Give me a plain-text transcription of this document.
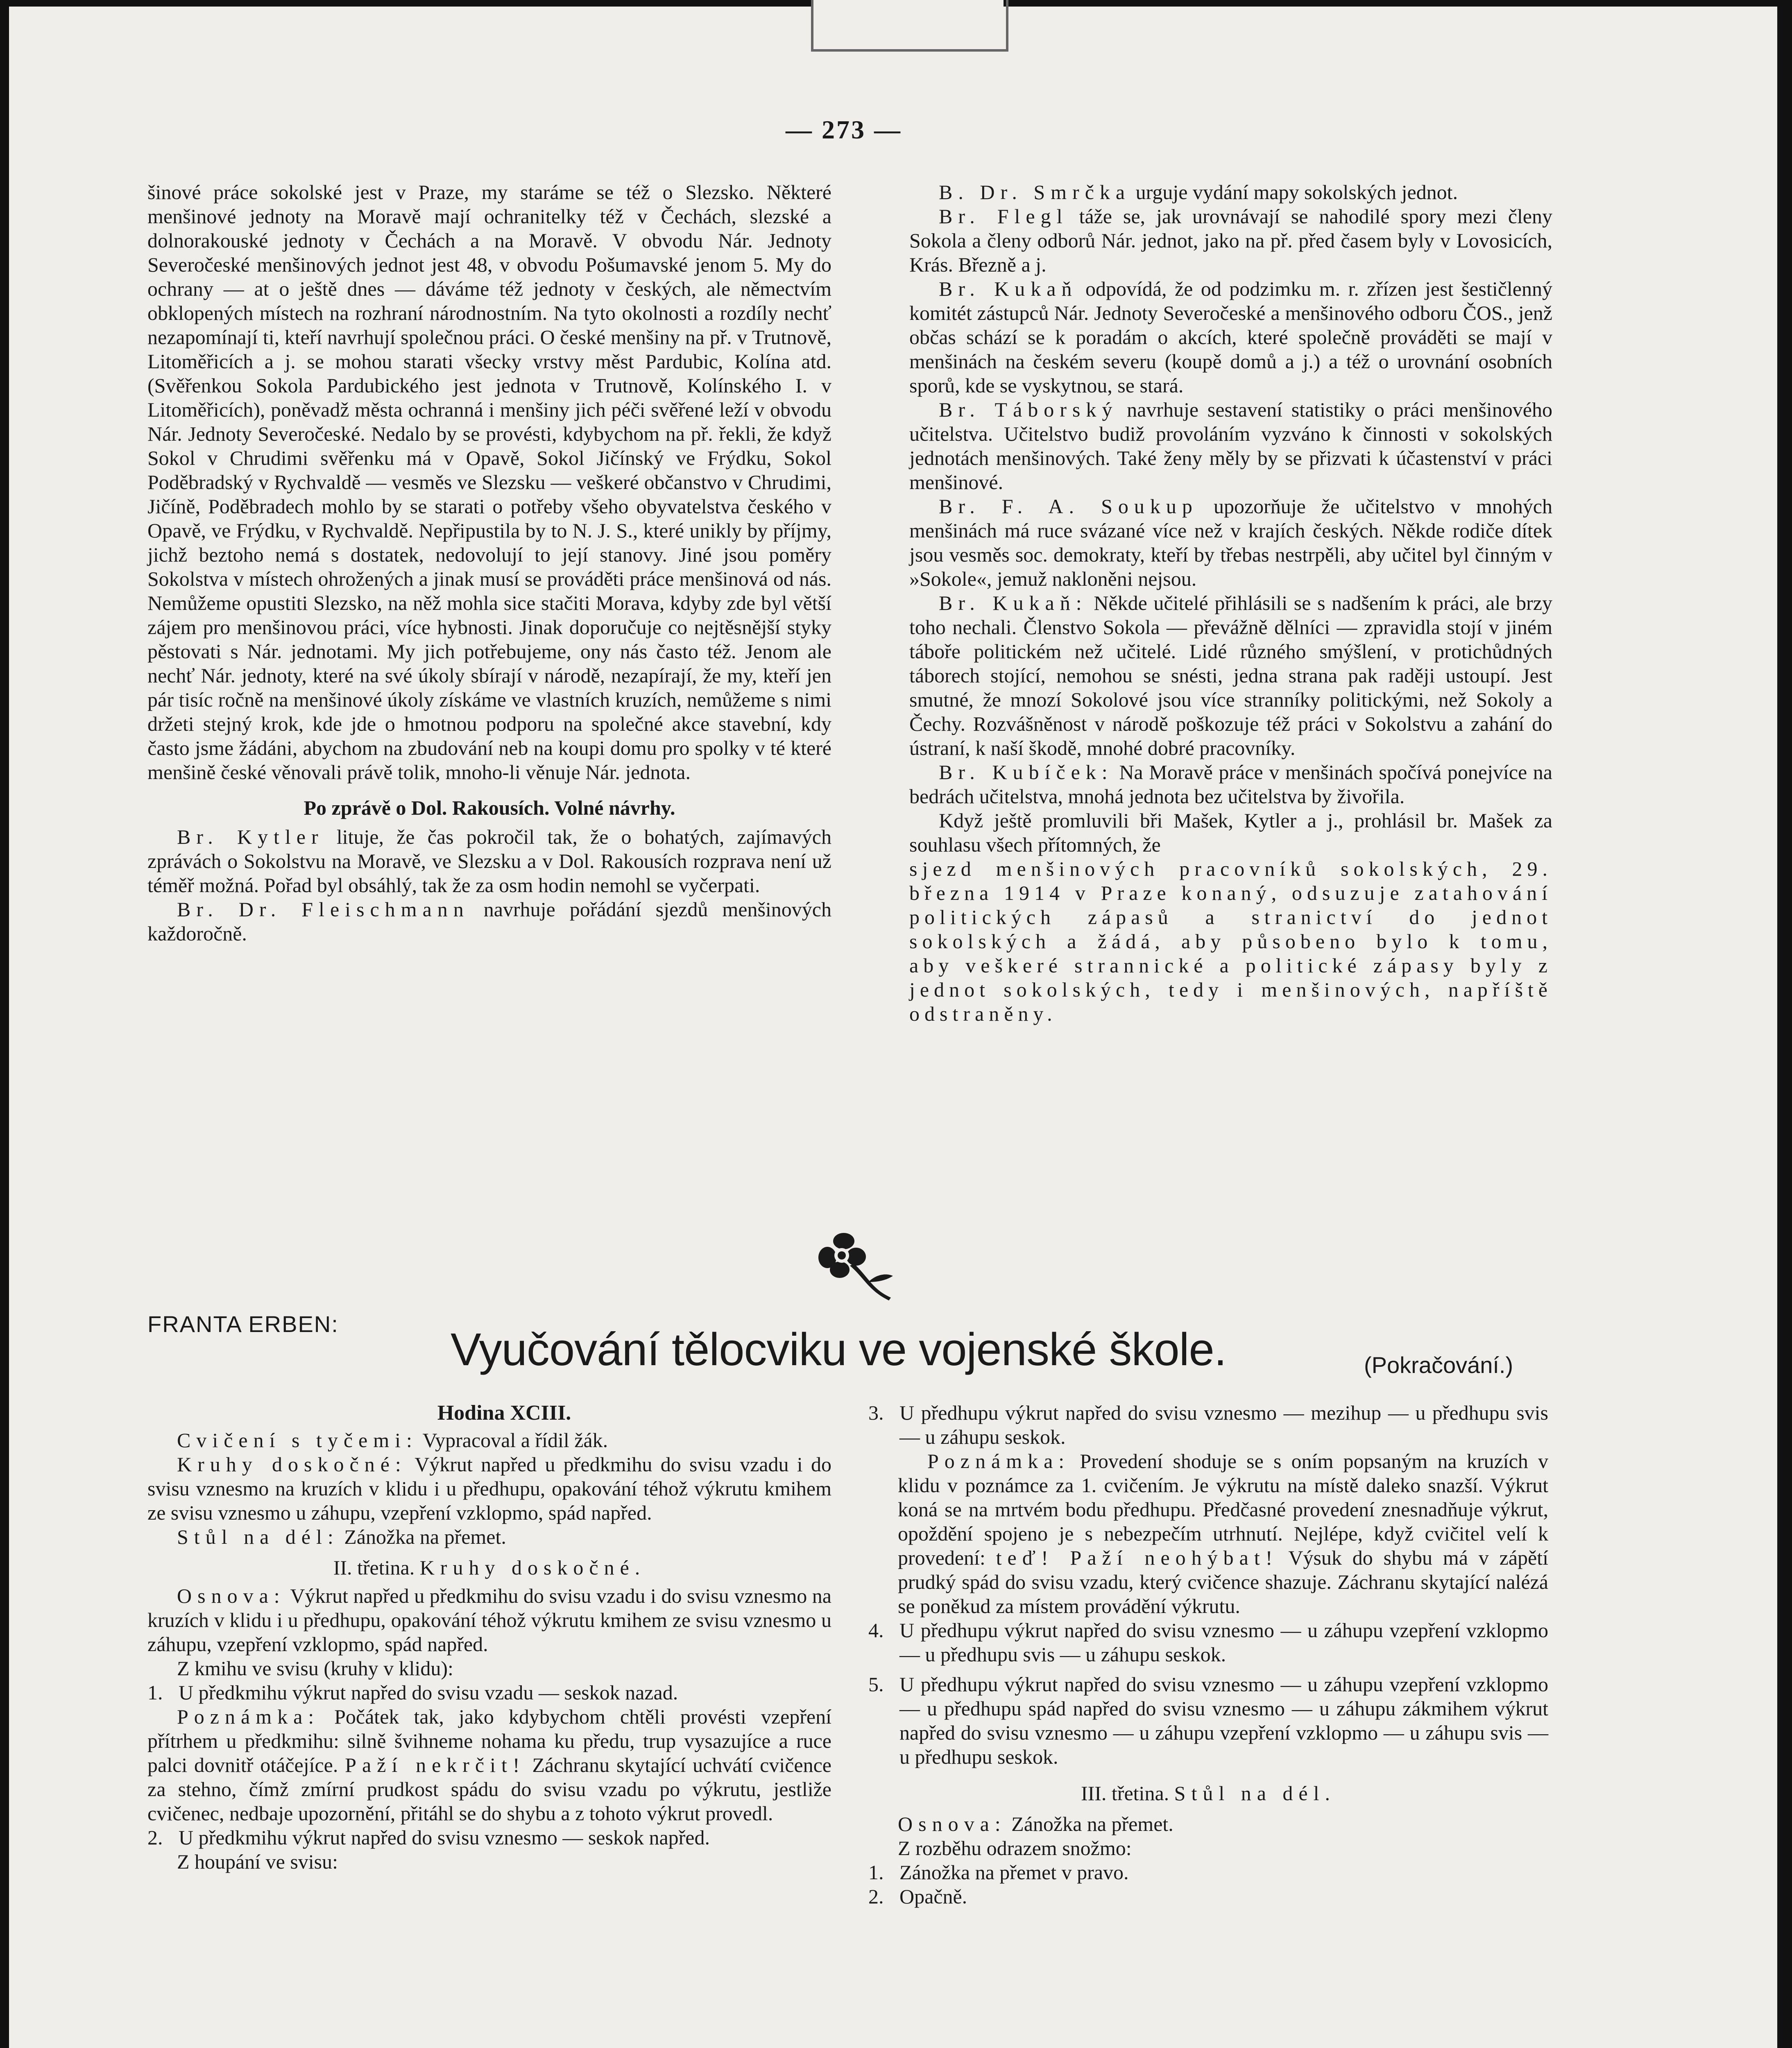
— 273 —

šinové práce sokolské jest v Praze, my staráme se též o Slezsko. Některé menšinové jednoty na Moravě mají ochranitelky též v Čechách, slezské a dolnorakouské jednoty v Čechách a na Moravě. V obvodu Nár. Jednoty Severočeské menšinových jednot jest 48, v obvodu Pošumavské jenom 5. My do ochrany — at o ještě dnes — dáváme též jednoty v českých, ale němectvím obklopených místech na rozhraní národnostním. Na tyto okolnosti a rozdíly nechť nezapomínají ti, kteří navrhují společnou práci. O české menšiny na př. v Trutnově, Litoměřicích a j. se mohou starati všecky vrstvy měst Pardubic, Kolína atd. (Svěřenkou Sokola Pardubického jest jednota v Trutnově, Kolínského I. v Litoměřicích), poněvadž města ochranná i menšiny jich péči svěřené leží v obvodu Nár. Jednoty Severočeské. Nedalo by se provésti, kdybychom na př. řekli, že když Sokol v Chrudimi svěřenku má v Opavě, Sokol Jičínský ve Frýdku, Sokol Poděbradský v Rychvaldě — vesměs ve Slezsku — veškeré občanstvo v Chrudimi, Jičíně, Poděbradech mohlo by se starati o potřeby všeho obyvatelstva českého v Opavě, ve Frýdku, v Rychvaldě. Nepřipustila by to N. J. S., které unikly by příjmy, jichž beztoho nemá s dostatek, nedovolují to její stanovy. Jiné jsou poměry Sokolstva v místech ohrožených a jinak musí se prováděti práce menšinová od nás. Nemůžeme opustiti Slezsko, na něž mohla sice stačiti Morava, kdyby zde byl větší zájem pro menšinovou práci, více hybnosti. Jinak doporučuje co nejtěsnější styky pěstovati s Nár. jednotami. My jich potřebujeme, ony nás často též. Jenom ale nechť Nár. jednoty, které na své úkoly sbírají v národě, nezapírají, že my, kteří jen pár tisíc ročně na menšinové úkoly získáme ve vlastních kruzích, nemůžeme s nimi držeti stejný krok, kde jde o hmotnou podporu na společné akce stavební, kdy často jsme žádáni, abychom na zbudování neb na koupi domu pro spolky v té které menšině české věnovali právě tolik, mnoho-li věnuje Nár. jednota.

Po zprávě o Dol. Rakousích. Volné návrhy.

Br. Kytler lituje, že čas pokročil tak, že o bohatých, zajímavých zprávách o Sokolstvu na Moravě, ve Slezsku a v Dol. Rakousích rozprava není už téměř možná. Pořad byl obsáhlý, tak že za osm hodin nemohl se vyčerpati.

Br. Dr. Fleischmann navrhuje pořádání sjezdů menšinových každoročně.

B. Dr. Smrčka urguje vydání mapy sokolských jednot.

Br. Flegl táže se, jak urovnávají se nahodilé spory mezi členy Sokola a členy odborů Nár. jednot, jako na př. před časem byly v Lovosicích, Krás. Březně a j.

Br. Kukaň odpovídá, že od podzimku m. r. zřízen jest šestičlenný komitét zástupců Nár. Jednoty Severočeské a menšinového odboru ČOS., jenž občas schází se k poradám o akcích, které společně prováděti se mají v menšinách na českém severu (koupě domů a j.) a též o urovnání osobních sporů, kde se vyskytnou, se stará.

Br. Táborský navrhuje sestavení statistiky o práci menšinového učitelstva. Učitelstvo budiž provoláním vyzváno k činnosti v sokolských jednotách menšinových. Také ženy měly by se přizvati k účastenství v práci menšinové.

Br. F. A. Soukup upozorňuje že učitelstvo v mnohých menšinách má ruce svázané více než v krajích českých. Někde rodiče dítek jsou vesměs soc. demokraty, kteří by třebas nestrpěli, aby učitel byl činným v »Sokole«, jemuž nakloněni nejsou.

Br. Kukaň: Někde učitelé přihlásili se s nadšením k práci, ale brzy toho nechali. Členstvo Sokola — převážně dělníci — zpravidla stojí v jiném táboře politickém než učitelé. Lidé různého smýšlení, v protichůdných táborech stojící, nemohou se snésti, jedna strana pak raději ustoupí. Jest smutné, že mnozí Sokolové jsou více stranníky politickými, než Sokoly a Čechy. Rozvášněnost v národě poškozuje též práci v Sokolstvu a zahání do ústraní, k naší škodě, mnohé dobré pracovníky.

Br. Kubíček: Na Moravě práce v menšinách spočívá ponejvíce na bedrách učitelstva, mnohá jednota bez učitelstva by živořila.

Když ještě promluvili bři Mašek, Kytler a j., prohlásil br. Mašek za souhlasu všech přítomných, že

sjezd menšinových pracovníků sokolských, 29. března 1914 v Praze konaný, odsuzuje zatahování politických zápasů a stranictví do jednot sokolských a žádá, aby působeno bylo k tomu, aby veškeré strannické a politické zápasy byly z jednot sokolských, tedy i menšinových, napříště odstraněny.

FRANTA ERBEN: Vyučování tělocviku ve vojenské škole.	(Pokračování.)

Hodina XCIII.

Cvičení s tyčemi: Vypracoval a řídil žák.

Kruhy doskočné: Výkrut napřed u předkmihu do svisu vzadu i do svisu vznesmo na kruzích v klidu i u předhupu, opakování téhož výkrutu kmihem ze svisu vznesmo u záhupu, vzepření vzklopmo, spád napřed.

Stůl na dél: Zánožka na přemet.

II. třetina. Kruhy doskočné.

Osnova: Výkrut napřed u předkmihu do svisu vzadu i do svisu vznesmo na kruzích v klidu i u předhupu, opakování téhož výkrutu kmihem ze svisu vznesmo u záhupu, vzepření vzklopmo, spád napřed.

Z kmihu ve svisu (kruhy v klidu):

1. U předkmihu výkrut napřed do svisu vzadu — seskok nazad.

Poznámka: Počátek tak, jako kdybychom chtěli provésti vzepření přítrhem u předkmihu: silně švihneme nohama ku předu, trup vysazujíce a ruce palci dovnitř otáčejíce. Paží nekrčit! Záchranu skytající uchvátí cvičence za stehno, čímž zmírní prudkost spádu do svisu vzadu po výkrutu, jestliže cvičenec, nedbaje upozornění, přitáhl se do shybu a z tohoto výkrut provedl.

2. U předkmihu výkrut napřed do svisu vznesmo — seskok napřed.

Z houpání ve svisu:

3. U předhupu výkrut napřed do svisu vznesmo — mezihup — u předhupu svis — u záhupu seskok.

Poznámka: Provedení shoduje se s oním popsaným na kruzích v klidu v poznámce za 1. cvičením. Je výkrutu na místě daleko snazší. Výkrut koná se na mrtvém bodu předhupu. Předčasné provedení znesnadňuje výkrut, opoždění spojeno je s nebezpečím utrhnutí. Nejlépe, když cvičitel velí k provedení: teď! Paží neohýbat! Výsuk do shybu má v zápětí prudký spád do svisu vzadu, který cvičence shazuje. Záchranu skytající nalézá se poněkud za místem provádění výkrutu.

4. U předhupu výkrut napřed do svisu vznesmo — u záhupu vzepření vzklopmo — u předhupu svis — u záhupu seskok.
5. U předhupu výkrut napřed do svisu vznesmo — u záhupu vzepření vzklopmo — u předhupu spád napřed do svisu vznesmo — u záhupu zákmihem výkrut napřed do svisu vznesmo — u záhupu vzepření vzklopmo — u záhupu svis — u předhupu seskok.

III. třetina. Stůl na dél.

Osnova: Zánožka na přemet.

Z rozběhu odrazem snožmo:

1. Zánožka na přemet v pravo.
2. Opačně.
